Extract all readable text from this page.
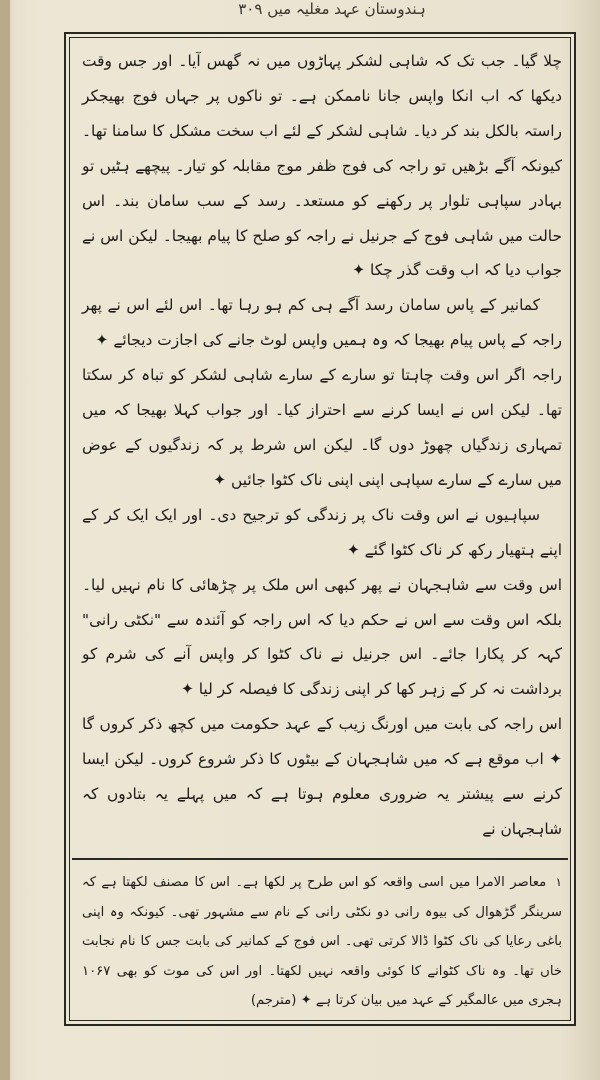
ہندوستان عہد مغلیہ میں ۳۰۹

چلا گیا۔ جب تک کہ شاہی لشکر پہاڑوں میں نہ گھس آیا۔ اور جس وقت دیکھا کہ اب انکا واپس جانا ناممکن ہے۔ تو ناکوں پر جہاں فوج بھیجکر راستہ بالکل بند کر دیا۔ شاہی لشکر کے لئے اب سخت مشکل کا سامنا تھا۔ کیونکہ آگے بڑھیں تو راجہ کی فوج ظفر موج مقابلہ کو تیار۔ پیچھے ہٹیں تو بہادر سپاہی تلوار پر رکھنے کو مستعد۔ رسد کے سب سامان بند۔ اس حالت میں شاہی فوج کے جرنیل نے راجہ کو صلح کا پیام بھیجا۔ لیکن اس نے جواب دیا کہ اب وقت گذر چکا ✦

کمانیر کے پاس سامان رسد آگے ہی کم ہو رہا تھا۔ اس لئے اس نے پھر راجہ کے پاس پیام بھیجا کہ وہ ہمیں واپس لوٹ جانے کی اجازت دیجائے ✦

راجہ اگر اس وقت چاہتا تو سارے کے سارے شاہی لشکر کو تباہ کر سکتا تھا۔ لیکن اس نے ایسا کرنے سے احتراز کیا۔ اور جواب کہلا بھیجا کہ میں تمہاری زندگیاں چھوڑ دوں گا۔ لیکن اس شرط پر کہ زندگیوں کے عوض میں سارے کے سارے سپاہی اپنی اپنی ناک کٹوا جائیں ✦

سپاہیوں نے اس وقت ناک پر زندگی کو ترجیح دی۔ اور ایک ایک کر کے اپنے ہتھیار رکھ کر ناک کٹوا گئے ✦

اس وقت سے شاہجہان نے پھر کبھی اس ملک پر چڑھائی کا نام نہیں لیا۔ بلکہ اس وقت سے اس نے حکم دیا کہ اس راجہ کو آئندہ سے "نکٹی رانی" کہہ کر پکارا جائے۔ اس جرنیل نے ناک کٹوا کر واپس آنے کی شرم کو برداشت نہ کر کے زہر کھا کر اپنی زندگی کا فیصلہ کر لیا ✦

اس راجہ کی بابت میں اورنگ زیب کے عہد حکومت میں کچھ ذکر کروں گا ✦ اب موقع ہے کہ میں شاہجہان کے بیٹوں کا ذکر شروع کروں۔ لیکن ایسا کرنے سے پیشتر یہ ضروری معلوم ہوتا ہے کہ میں پہلے یہ بتادوں کہ شاہجہان نے

۱ معاصر الامرا میں اسی واقعہ کو اس طرح پر لکھا ہے۔ اس کا مصنف لکھتا ہے کہ سرینگر گڑھوال کی بیوہ رانی دو نکٹی رانی کے نام سے مشہور تھی۔ کیونکہ وہ اپنی باغی رعایا کی ناک کٹوا ڈالا کرتی تھی۔ اس فوج کے کمانیر کی بابت جس کا نام نجابت خاں تھا۔ وہ ناک کٹوانے کا کوئی واقعہ نہیں لکھتا۔ اور اس کی موت کو بھی ۱۰۶۷ ہجری میں عالمگیر کے عہد میں بیان کرتا ہے ✦ (مترجم)
